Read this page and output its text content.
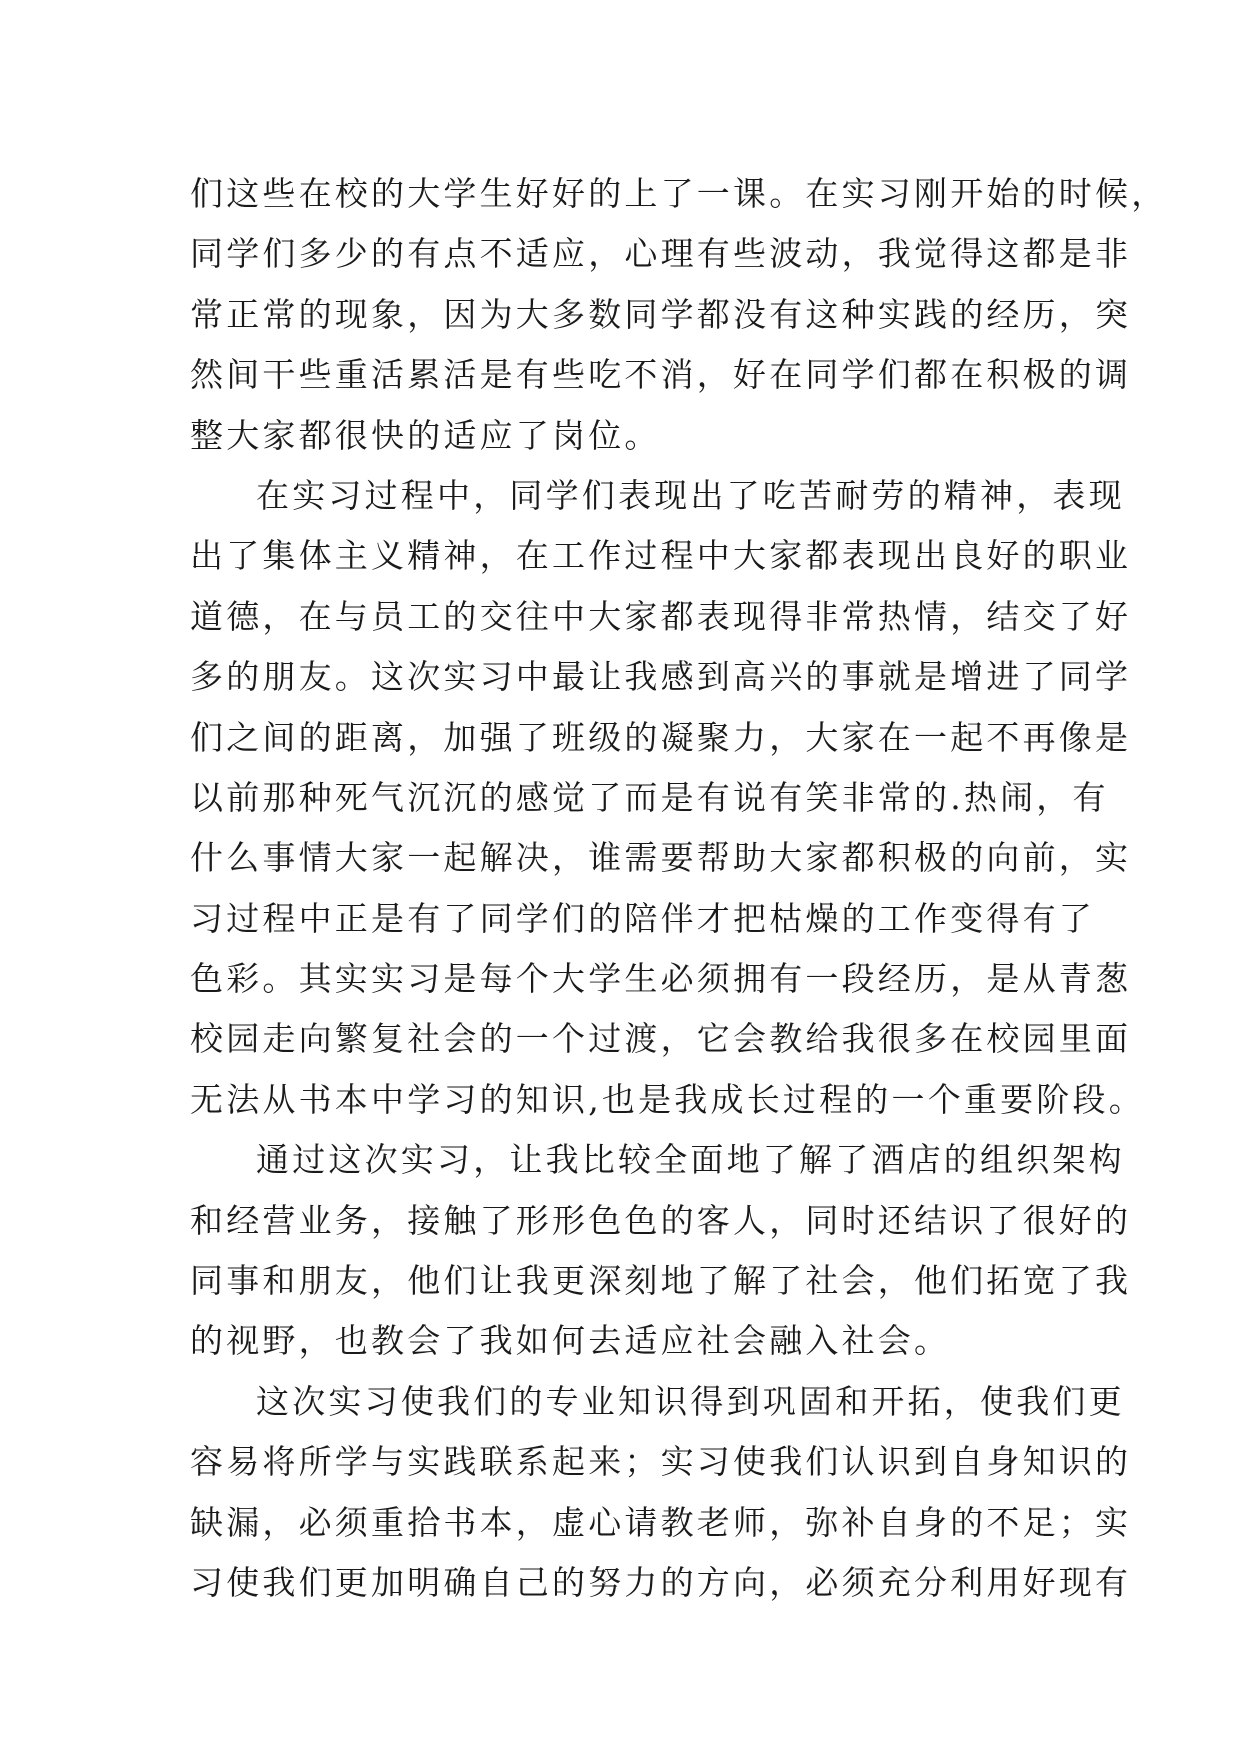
们这些在校的大学生好好的上了一课。在实习刚开始的时候，
同学们多少的有点不适应，心理有些波动，我觉得这都是非
常正常的现象，因为大多数同学都没有这种实践的经历，突
然间干些重活累活是有些吃不消，好在同学们都在积极的调
整大家都很快的适应了岗位。
在实习过程中，同学们表现出了吃苦耐劳的精神，表现
出了集体主义精神，在工作过程中大家都表现出良好的职业
道德，在与员工的交往中大家都表现得非常热情，结交了好
多的朋友。这次实习中最让我感到高兴的事就是增进了同学
们之间的距离，加强了班级的凝聚力，大家在一起不再像是
以前那种死气沉沉的感觉了而是有说有笑非常的.热闹，有
什么事情大家一起解决，谁需要帮助大家都积极的向前，实
习过程中正是有了同学们的陪伴才把枯燥的工作变得有了
色彩。其实实习是每个大学生必须拥有一段经历，是从青葱
校园走向繁复社会的一个过渡，它会教给我很多在校园里面
无法从书本中学习的知识,也是我成长过程的一个重要阶段。
通过这次实习，让我比较全面地了解了酒店的组织架构
和经营业务，接触了形形色色的客人，同时还结识了很好的
同事和朋友，他们让我更深刻地了解了社会，他们拓宽了我
的视野，也教会了我如何去适应社会融入社会。
这次实习使我们的专业知识得到巩固和开拓，使我们更
容易将所学与实践联系起来；实习使我们认识到自身知识的
缺漏，必须重拾书本，虚心请教老师，弥补自身的不足；实
习使我们更加明确自己的努力的方向，必须充分利用好现有
